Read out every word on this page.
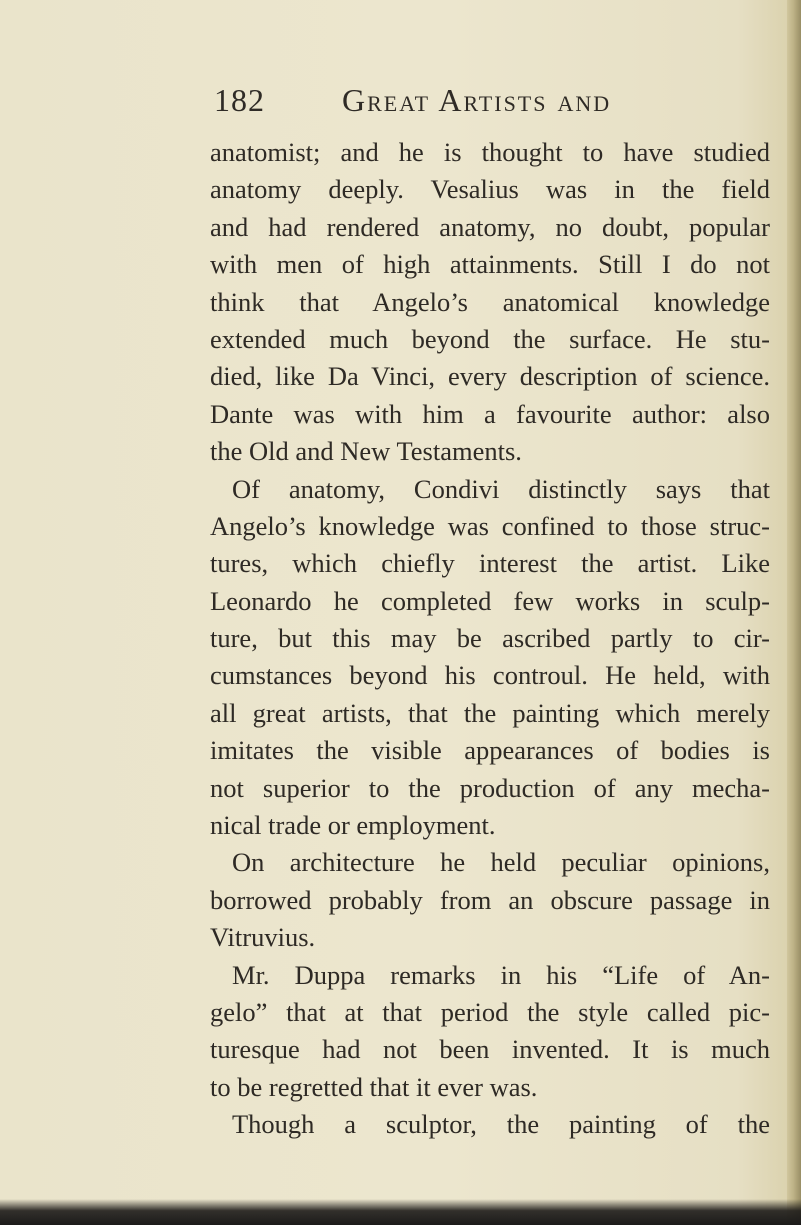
182 Great Artists and
anatomist; and he is thought to have studied
anatomy deeply. Vesalius was in the field
and had rendered anatomy, no doubt, popular
with men of high attainments. Still I do not
think that Angelo’s anatomical knowledge
extended much beyond the surface. He stu-
died, like Da Vinci, every description of science.
Dante was with him a favourite author: also
the Old and New Testaments.
Of anatomy, Condivi distinctly says that
Angelo’s knowledge was confined to those struc-
tures, which chiefly interest the artist. Like
Leonardo he completed few works in sculp-
ture, but this may be ascribed partly to cir-
cumstances beyond his controul. He held, with
all great artists, that the painting which merely
imitates the visible appearances of bodies is
not superior to the production of any mecha-
nical trade or employment.
On architecture he held peculiar opinions,
borrowed probably from an obscure passage in
Vitruvius.
Mr. Duppa remarks in his “Life of An-
gelo” that at that period the style called pic-
turesque had not been invented. It is much
to be regretted that it ever was.
Though a sculptor, the painting of the
